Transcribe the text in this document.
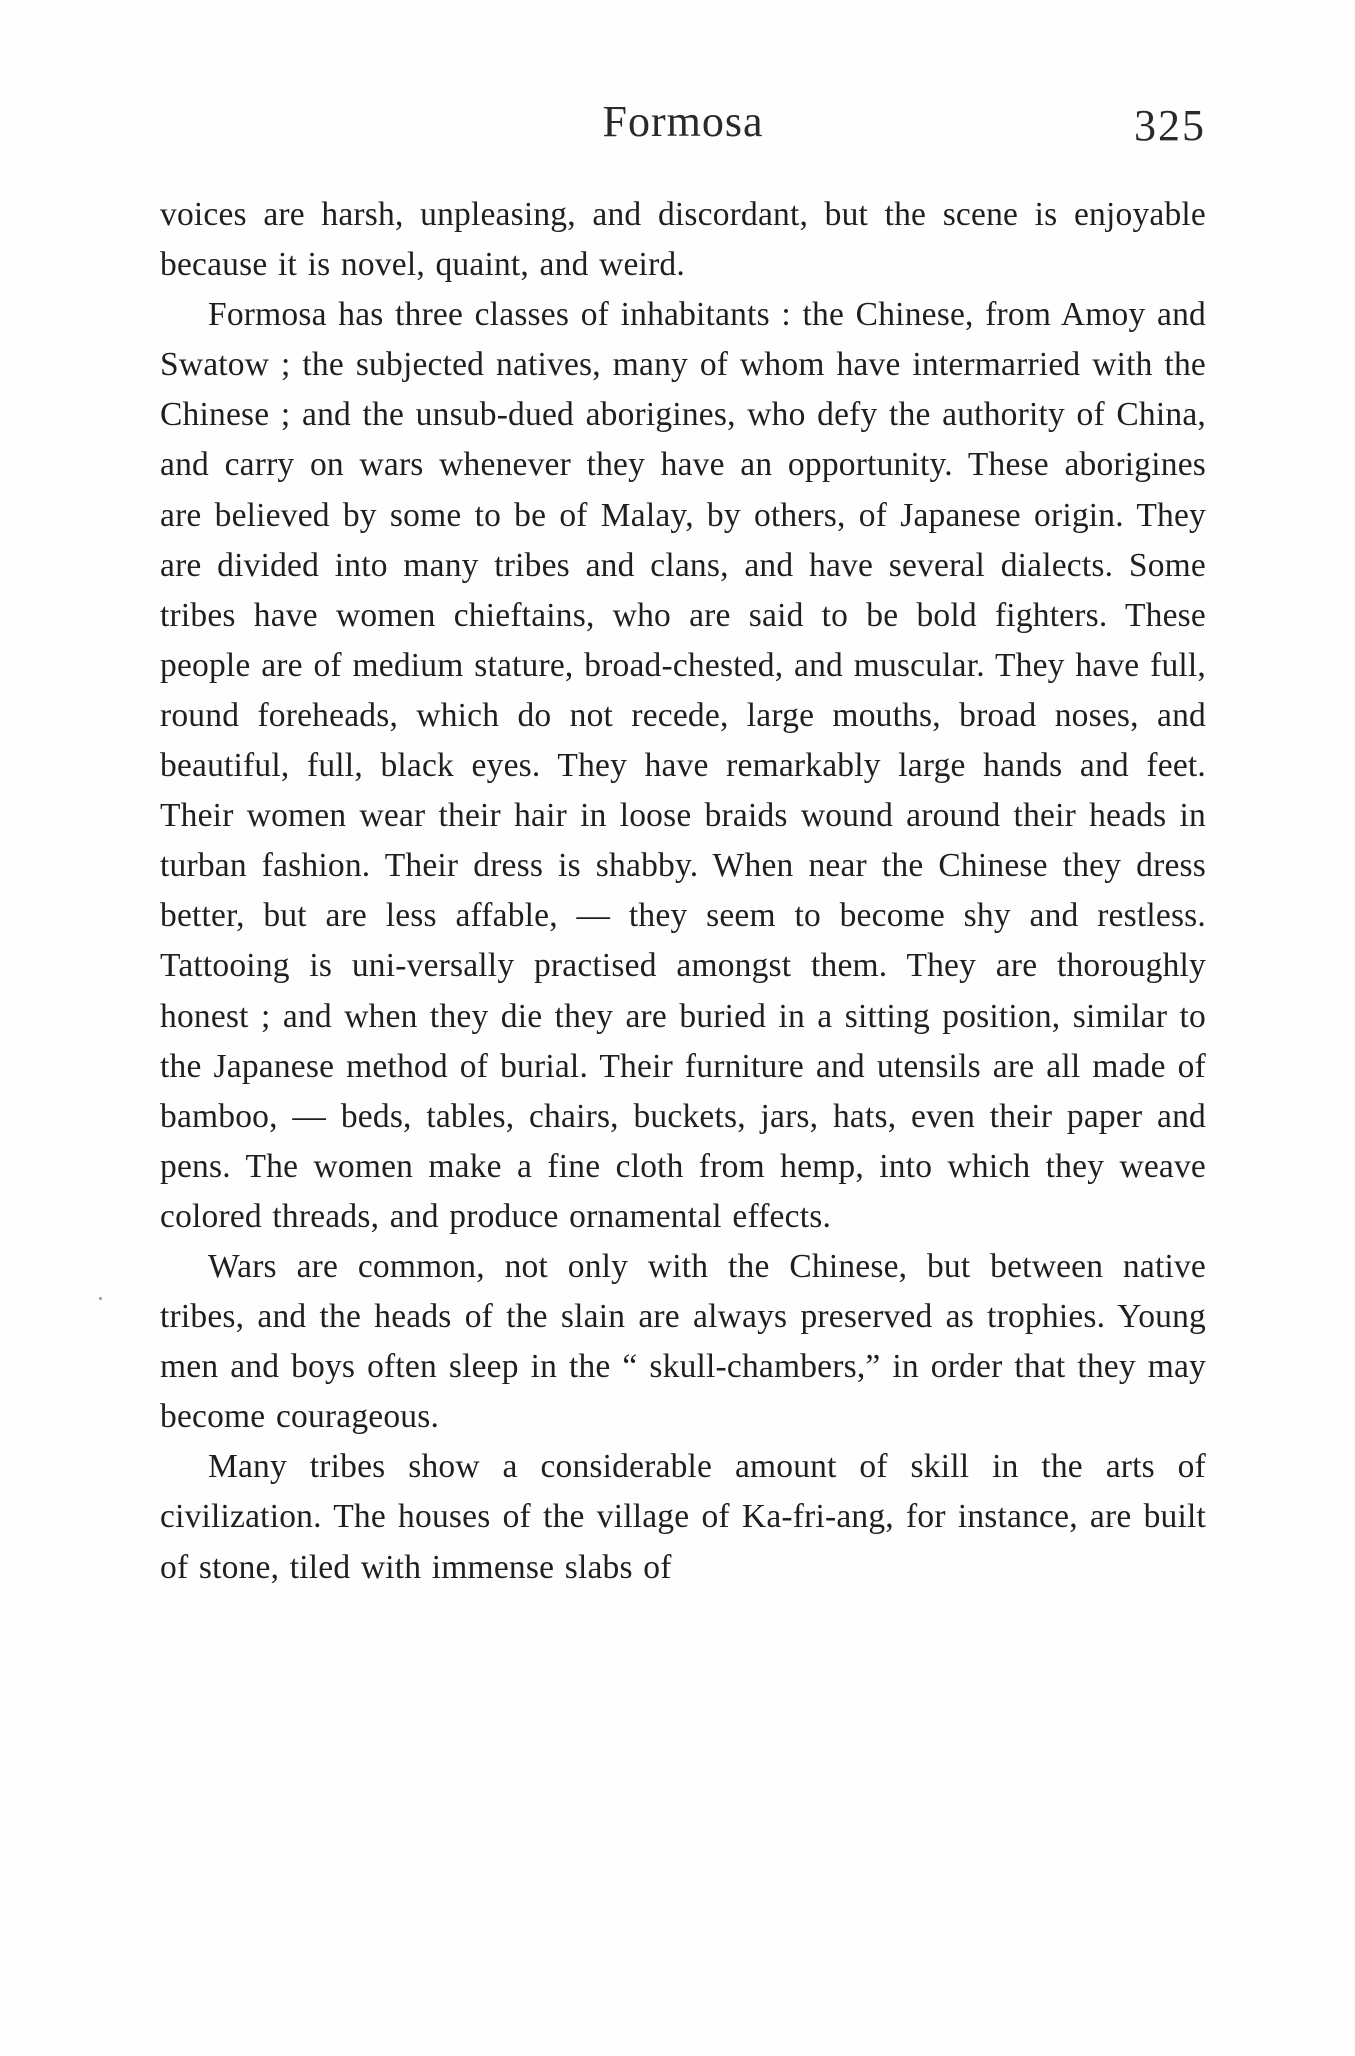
Formosa	325

voices are harsh, unpleasing, and discordant, but the scene is enjoyable because it is novel, quaint, and weird.

Formosa has three classes of inhabitants : the Chinese, from Amoy and Swatow ; the subjected natives, many of whom have intermarried with the Chinese ; and the unsub-dued aborigines, who defy the authority of China, and carry on wars whenever they have an opportunity. These aborigines are believed by some to be of Malay, by others, of Japanese origin. They are divided into many tribes and clans, and have several dialects. Some tribes have women chieftains, who are said to be bold fighters. These people are of medium stature, broad-chested, and muscular. They have full, round foreheads, which do not recede, large mouths, broad noses, and beautiful, full, black eyes. They have remarkably large hands and feet. Their women wear their hair in loose braids wound around their heads in turban fashion. Their dress is shabby. When near the Chinese they dress better, but are less affable, — they seem to become shy and restless. Tattooing is uni-versally practised amongst them. They are thoroughly honest ; and when they die they are buried in a sitting position, similar to the Japanese method of burial. Their furniture and utensils are all made of bamboo, — beds, tables, chairs, buckets, jars, hats, even their paper and pens. The women make a fine cloth from hemp, into which they weave colored threads, and produce ornamental effects.

Wars are common, not only with the Chinese, but between native tribes, and the heads of the slain are always preserved as trophies. Young men and boys often sleep in the “ skull-chambers,” in order that they may become courageous.

Many tribes show a considerable amount of skill in the arts of civilization. The houses of the village of Ka-fri-ang, for instance, are built of stone, tiled with immense slabs of
